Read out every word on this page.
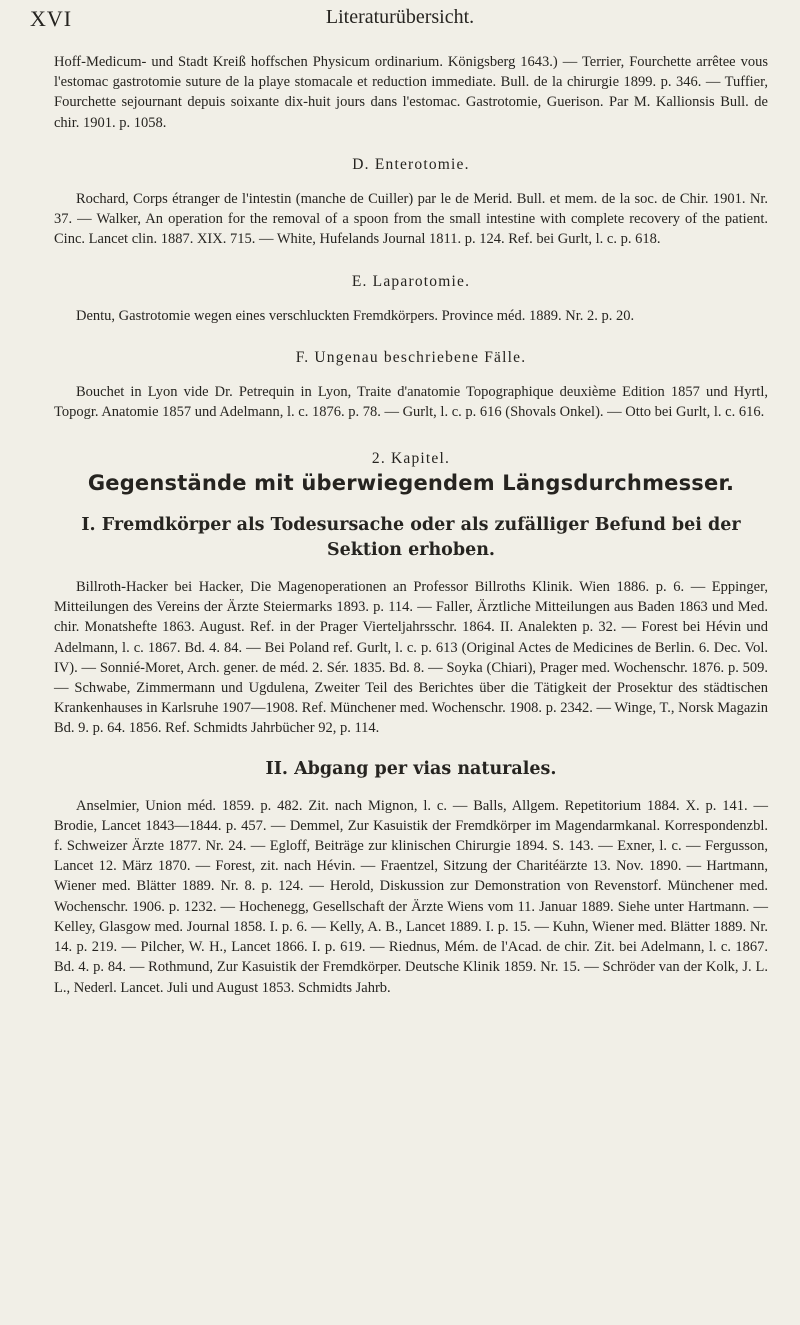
XVI	Literaturübersicht.

Hoff-Medicum- und Stadt Kreiß hoffschen Physicum ordinarium. Königsberg 1643.) — Terrier, Fourchette arrêtee vous l'estomac gastrotomie suture de la playe stomacale et reduction immediate. Bull. de la chirurgie 1899. p. 346. — Tuffier, Fourchette sejournant depuis soixante dix-huit jours dans l'estomac. Gastrotomie, Guerison. Par M. Kallionsis Bull. de chir. 1901. p. 1058.

D. Enterotomie.

Rochard, Corps étranger de l'intestin (manche de Cuiller) par le de Merid. Bull. et mem. de la soc. de Chir. 1901. Nr. 37. — Walker, An operation for the removal of a spoon from the small intestine with complete recovery of the patient. Cinc. Lancet clin. 1887. XIX. 715. — White, Hufelands Journal 1811. p. 124. Ref. bei Gurlt, l. c. p. 618.

E. Laparotomie.

Dentu, Gastrotomie wegen eines verschluckten Fremdkörpers. Province méd. 1889. Nr. 2. p. 20.

F. Ungenau beschriebene Fälle.

Bouchet in Lyon vide Dr. Petrequin in Lyon, Traite d'anatomie Topographique deuxième Edition 1857 und Hyrtl, Topogr. Anatomie 1857 und Adelmann, l. c. 1876. p. 78. — Gurlt, l. c. p. 616 (Shovals Onkel). — Otto bei Gurlt, l. c. 616.

2. Kapitel.
Gegenstände mit überwiegendem Längsdurchmesser.
I. Fremdkörper als Todesursache oder als zufälliger Befund bei der Sektion erhoben.

Billroth-Hacker bei Hacker, Die Magenoperationen an Professor Billroths Klinik. Wien 1886. p. 6. — Eppinger, Mitteilungen des Vereins der Ärzte Steiermarks 1893. p. 114. — Faller, Ärztliche Mitteilungen aus Baden 1863 und Med. chir. Monatshefte 1863. August. Ref. in der Prager Vierteljahrsschr. 1864. II. Analekten p. 32. — Forest bei Hévin und Adelmann, l. c. 1867. Bd. 4. 84. — Bei Poland ref. Gurlt, l. c. p. 613 (Original Actes de Medicines de Berlin. 6. Dec. Vol. IV). — Sonnié-Moret, Arch. gener. de méd. 2. Sér. 1835. Bd. 8. — Soyka (Chiari), Prager med. Wochenschr. 1876. p. 509. — Schwabe, Zimmermann und Ugdulena, Zweiter Teil des Berichtes über die Tätigkeit der Prosektur des städtischen Krankenhauses in Karlsruhe 1907—1908. Ref. Münchener med. Wochenschr. 1908. p. 2342. — Winge, T., Norsk Magazin Bd. 9. p. 64. 1856. Ref. Schmidts Jahrbücher 92, p. 114.

II. Abgang per vias naturales.

Anselmier, Union méd. 1859. p. 482. Zit. nach Mignon, l. c. — Balls, Allgem. Repetitorium 1884. X. p. 141. — Brodie, Lancet 1843—1844. p. 457. — Demmel, Zur Kasuistik der Fremdkörper im Magendarmkanal. Korrespondenzbl. f. Schweizer Ärzte 1877. Nr. 24. — Egloff, Beiträge zur klinischen Chirurgie 1894. S. 143. — Exner, l. c. — Fergusson, Lancet 12. März 1870. — Forest, zit. nach Hévin. — Fraentzel, Sitzung der Charitéärzte 13. Nov. 1890. — Hartmann, Wiener med. Blätter 1889. Nr. 8. p. 124. — Herold, Diskussion zur Demonstration von Revenstorf. Münchener med. Wochenschr. 1906. p. 1232. — Hochenegg, Gesellschaft der Ärzte Wiens vom 11. Januar 1889. Siehe unter Hartmann. — Kelley, Glasgow med. Journal 1858. I. p. 6. — Kelly, A. B., Lancet 1889. I. p. 15. — Kuhn, Wiener med. Blätter 1889. Nr. 14. p. 219. — Pilcher, W. H., Lancet 1866. I. p. 619. — Riednus, Mém. de l'Acad. de chir. Zit. bei Adelmann, l. c. 1867. Bd. 4. p. 84. — Rothmund, Zur Kasuistik der Fremdkörper. Deutsche Klinik 1859. Nr. 15. — Schröder van der Kolk, J. L. L., Nederl. Lancet. Juli und August 1853. Schmidts Jahrb.
